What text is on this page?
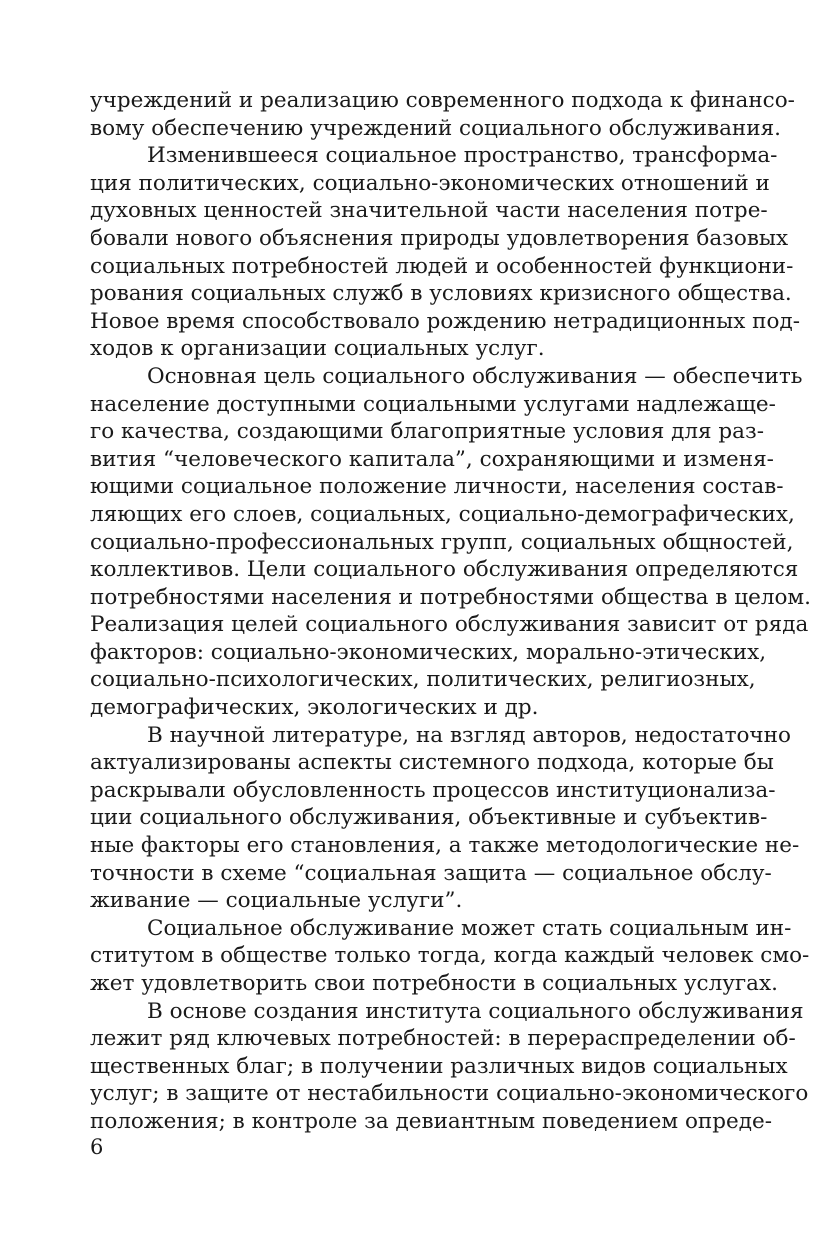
учреждений и реализацию современного подхода к финансо-
вому обеспечению учреждений социального обслуживания.
Изменившееся социальное пространство, трансформа-
ция политических, социально-экономических отношений и
духовных ценностей значительной части населения потре-
бовали нового объяснения природы удовлетворения базовых
социальных потребностей людей и особенностей функциони-
рования социальных служб в условиях кризисного общества.
Новое время способствовало рождению нетрадиционных под-
ходов к организации социальных услуг.
Основная цель социального обслуживания — обеспечить
население доступными социальными услугами надлежаще-
го качества, создающими благоприятные условия для раз-
вития “человеческого капитала”, сохраняющими и изменя-
ющими социальное положение личности, населения состав-
ляющих его слоев, социальных, социально-демографических,
социально-профессиональных групп, социальных общностей,
коллективов. Цели социального обслуживания определяются
потребностями населения и потребностями общества в целом.
Реализация целей социального обслуживания зависит от ряда
факторов: социально-экономических, морально-этических,
социально-психологических, политических, религиозных,
демографических, экологических и др.
В научной литературе, на взгляд авторов, недостаточно
актуализированы аспекты системного подхода, которые бы
раскрывали обусловленность процессов институционализа-
ции социального обслуживания, объективные и субъектив-
ные факторы его становления, а также методологические не-
точности в схеме “социальная защита — социальное обслу-
живание — социальные услуги”.
Социальное обслуживание может стать социальным ин-
ститутом в обществе только тогда, когда каждый человек смо-
жет удовлетворить свои потребности в социальных услугах.
В основе создания института социального обслуживания
лежит ряд ключевых потребностей: в перераспределении об-
щественных благ; в получении различных видов социальных
услуг; в защите от нестабильности социально-экономического
положения; в контроле за девиантным поведением опреде-
6
